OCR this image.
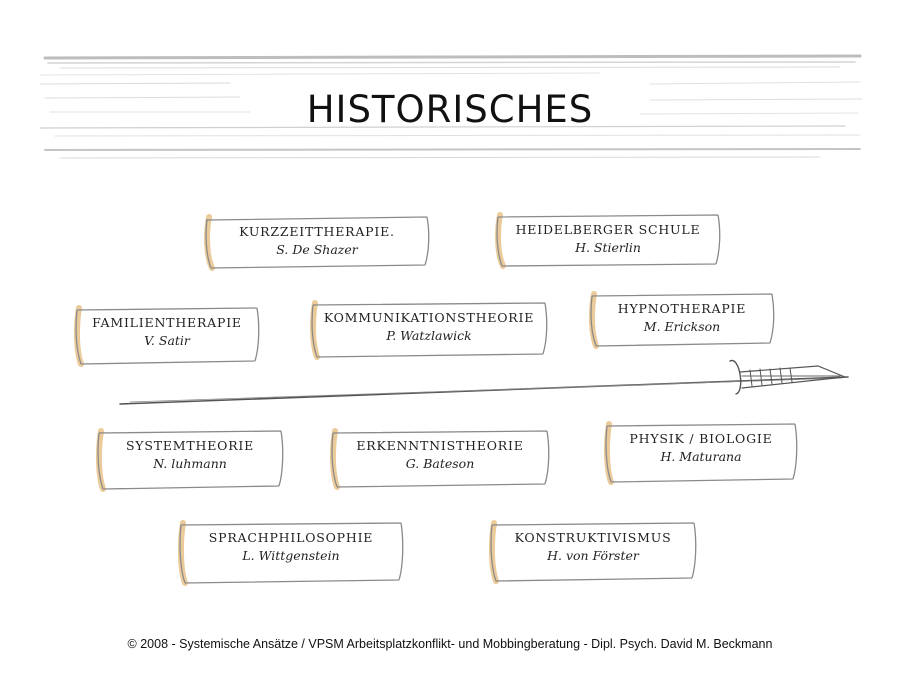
HISTORISCHES
KURZZEITTHERAPIE.
S. De Shazer
HEIDELBERGER SCHULE
H. Stierlin
FAMILIENTHERAPIE
V. Satir
KOMMUNIKATIONSTHEORIE
P. Watzlawick
HYPNOTHERAPIE
M. Erickson
SYSTEMTHEORIE
N. luhmann
ERKENNTNISTHEORIE
G. Bateson
PHYSIK / BIOLOGIE
H. Maturana
SPRACHPHILOSOPHIE
L. Wittgenstein
KONSTRUKTIVISMUS
H. von Förster
© 2008 - Systemische Ansätze / VPSM Arbeitsplatzkonflikt- und Mobbingberatung - Dipl. Psych. David M. Beckmann
